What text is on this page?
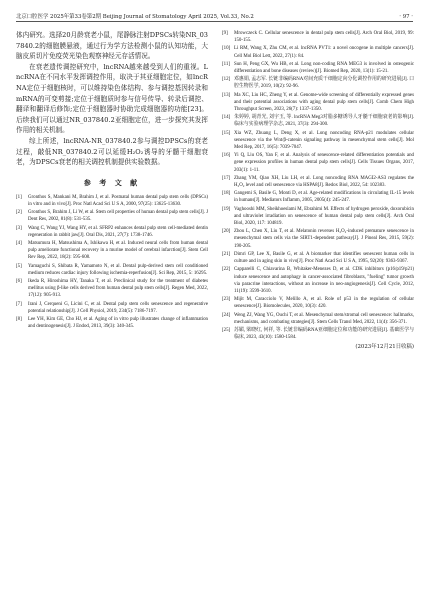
北京口腔医学 2025年第33卷第2期 Beijing Journal of Stomatology April 2025, Vol.33, No.2	· 97 ·

体内研究。选择20月龄衰老小鼠，尾静脉注射DPSCs转染NR_037840.2的细胞膜悬液，通过行为学方法检测小鼠的认知功能，大脑皮质切片免疫荧光染色观察神经元存活情况。

在衰老遗传调控研究中，lncRNA越来越受到人们的重视。LncRNA在不同水平发挥调控作用，取决于其亚细胞定位，如lncRNA定位于细胞核时，可以维持染色体结构、参与调控基因转录和mRNA的可变剪接;定位于细胞质时参与信号传导、转录后调控、翻译和翻译后修饰;定位于细胞器时协助完成细胞器的功能[23]。后续我们可以通过NR_037840.2亚细胞定位，进一步探究其发挥作用的相关机制。

综上所述，lncRNA-NR_037840.2参与调控DPSCs的衰老过程，敲低NR_037840.2可以延缓H₂O₂诱导的牙髓干细胞衰老，为DPSCs衰老的相关调控机制提供实验数据。

参 考 文 献

[1] Gronthos S, Mankani M, Brahim J, et al. Postnatal human dental pulp stem cells (DPSCs) in vitro and in vivo[J]. Proc Natl Acad Sci U S A, 2000, 97(25): 13625-13630.

[2] Gronthos S, Brahim J, Li W, et al. Stem cell properties of human dental pulp stem cells[J]. J Dent Res, 2002, 81(8): 531-535.

[3] Wang C, Wang YJ, Wang HY, et al. SFRP2 enhances dental pulp stem cell-mediated dentin regeneration in rabbit jaw[J]. Oral Dis, 2021, 27(7): 1738-1746.

[4] Matsumura H, Matsushima A, Ishikawa H, et al. Induced neural cells from human dental pulp ameliorate functional recovery in a murine model of cerebral infarction[J]. Stem Cell Rev Rep, 2022, 18(2): 595-608.

[5] Yamaguchi S, Shibata R, Yamamoto N, et al. Dental pulp-derived stem cell conditioned medium reduces cardiac injury following ischemia-reperfusion[J]. Sci Rep, 2015, 5: 16295.

[6] Ikeda R, Hiroshima HY, Tanaka T, et al. Preclinical study for the treatment of diabetes mellitus using β-like cells derived from human dental pulp stem cells[J]. Regen Med, 2022, 17(12): 905-913.

[7] Irani J, Cerqueni G, Licini C, et al. Dental pulp stem cells senescence and regenerative potential relationship[J]. J Cell Physiol, 2019, 234(5): 7186-7197.

[8] Lee YH, Kim GE, Cho HJ, et al. Aging of in vitro pulp illustrates change of inflammation and dentinogenesis[J]. J Endod, 2013, 39(3): 340-345.

[9] Mrowczeck C. Cellular senescence in dental pulp stem cells[J]. Arch Oral Biol, 2019, 99: 150-155.

[10] Li RM, Wang X, Zhu CM, et al. lncRNA PVT1: a novel oncogene in multiple cancers[J]. Cell Mol Biol Lett, 2022, 27(1): 84.

[11] Sun H, Peng GX, Wu HB, et al. Long non-coding RNA MEG3 is involved in osteogenic differentiation and bone diseases (review)[J]. Biomed Rep, 2020, 13(1): 15-21.

[12] 邓惠娟, 孟志军. 长链非编码RNA对间充质干细胞定向分化调控作用的研究进展[J]. 口腔生物医学, 2019, 10(2): 92-96.

[13] Ma XC, Liu HC, Zheng Y, et al. Genome-wide screening of differentially expressed genes and their potential associations with aging dental pulp stem cells[J]. Comb Chem High Throughput Screen, 2023, 26(7): 1337-1350.

[14] 朱婷婷, 胡青光, 刘宇玉, 等. lncRNA Meg3对脂多糖诱导人牙髓干细胞衰老的影响[J]. 临床与实验病理学杂志, 2021, 37(3): 294-300.

[15] Xia WZ, Zhuang L, Deng X, et al. Long noncoding RNA-p21 modulates cellular senescence via the Wnt/β-catenin signaling pathway in mesenchymal stem cells[J]. Mol Med Rep, 2017, 16(5): 7039-7047.

[16] Yi Q, Liu OS, Yan F, et al. Analysis of senescence-related differentiation potentials and gene expression profiles in human dental pulp stem cells[J]. Cells Tissues Organs, 2017, 203(1): 1-11.

[17] Zhang YM, Qiao XH, Liu LH, et al. Long noncoding RNA MAGI2-AS3 regulates the H₂O₂ level and cell senescence via HSPA8[J]. Redox Biol, 2022, 54: 102383.

[18] Gangemi S, Basile G, Monti D, et al. Age-related modifications in circulating IL-15 levels in humans[J]. Mediators Inflamm, 2005, 2005(4): 245-247.

[19] Vaghooshi MM, Sheikhoeslami M, Ebrahimi M. Effects of hydrogen peroxide, doxorubicin and ultraviolet irradiation on senescence of human dental pulp stem cells[J]. Arch Oral Biol, 2020, 117: 104819.

[20] Zhou L, Chen X, Liu T, et al. Melatonin reverses H₂O₂-induced premature senescence in mesenchymal stem cells via the SIRT1-dependent pathway[J]. J Pineal Res, 2015, 59(2): 190-205.

[21] Dimri GP, Lee X, Basile G, et al. A biomarker that identifies senescent human cells in culture and in aging skin in vivo[J]. Proc Natl Acad Sci U S A, 1995, 92(20): 9363-9367.

[22] Capparelli C, Chiavarina B, Whitaker-Menezes D, et al. CDK inhibitors (p16/p19/p21) induce senescence and autophagy in cancer-associated fibroblasts, "fueling" tumor growth via paracrine interactions, without an increase in neo-angiogenesis[J]. Cell Cycle, 2012, 11(19): 3599-3610.

[23] Mijit M, Caracciolo V, Melillo A, et al. Role of p53 in the regulation of cellular senescence[J]. Biomolecules, 2020, 10(3): 420.

[24] Weng ZJ, Wang YG, Ouchi T, et al. Mesenchymal stem/stromal cell senescence: hallmarks, mechanisms, and combating strategies[J]. Stem Cells Transl Med, 2022, 11(4): 356-371.

[25] 苏媚, 梁晓红, 何祥, 等. 长链非编码RNA亚细胞定位和功能的研究进展[J]. 基础医学与临床, 2023, 43(10): 1580-1584.

(2023年12月21日收稿)
